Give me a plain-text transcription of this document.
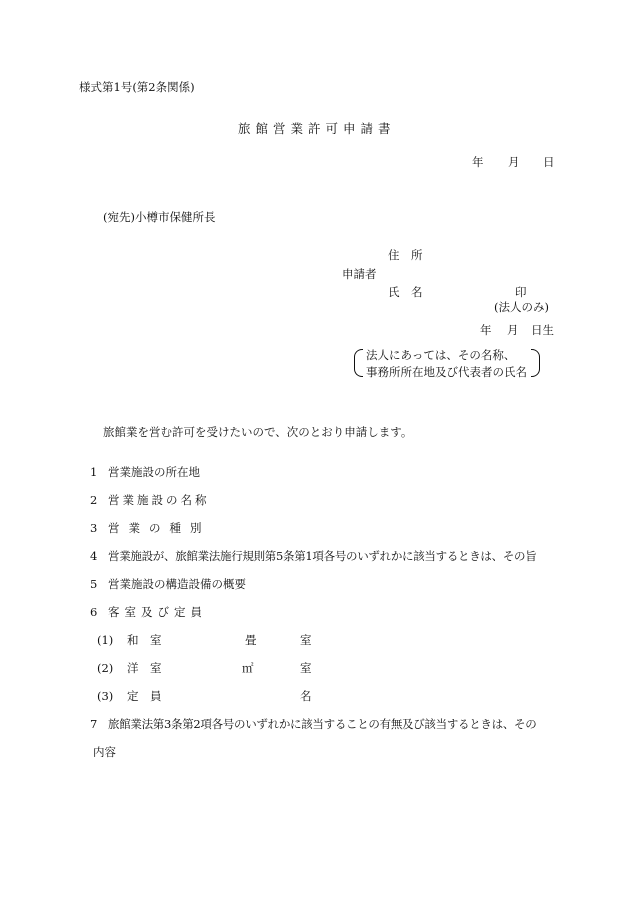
様式第1号(第2条関係)
旅館営業許可申請書
年 月 日
(宛先)小樽市保健所長
住　所
申請者
氏　名	印
(法人のみ)
年 月 日生
法人にあっては、その名称、
事務所所在地及び代表者の氏名
旅館業を営む許可を受けたいので、次のとおり申請します。
1 営業施設の所在地
2 営業施設の名称
3 営業の種別
4 営業施設が、旅館業法施行規則第5条第1項各号のいずれかに該当するときは、その旨
5 営業施設の構造設備の概要
6 客室及び定員
(1) 和　室	畳	室
(2) 洋　室	㎡	室
(3) 定　員	名
7 旅館業法第3条第2項各号のいずれかに該当することの有無及び該当するときは、その
内容
